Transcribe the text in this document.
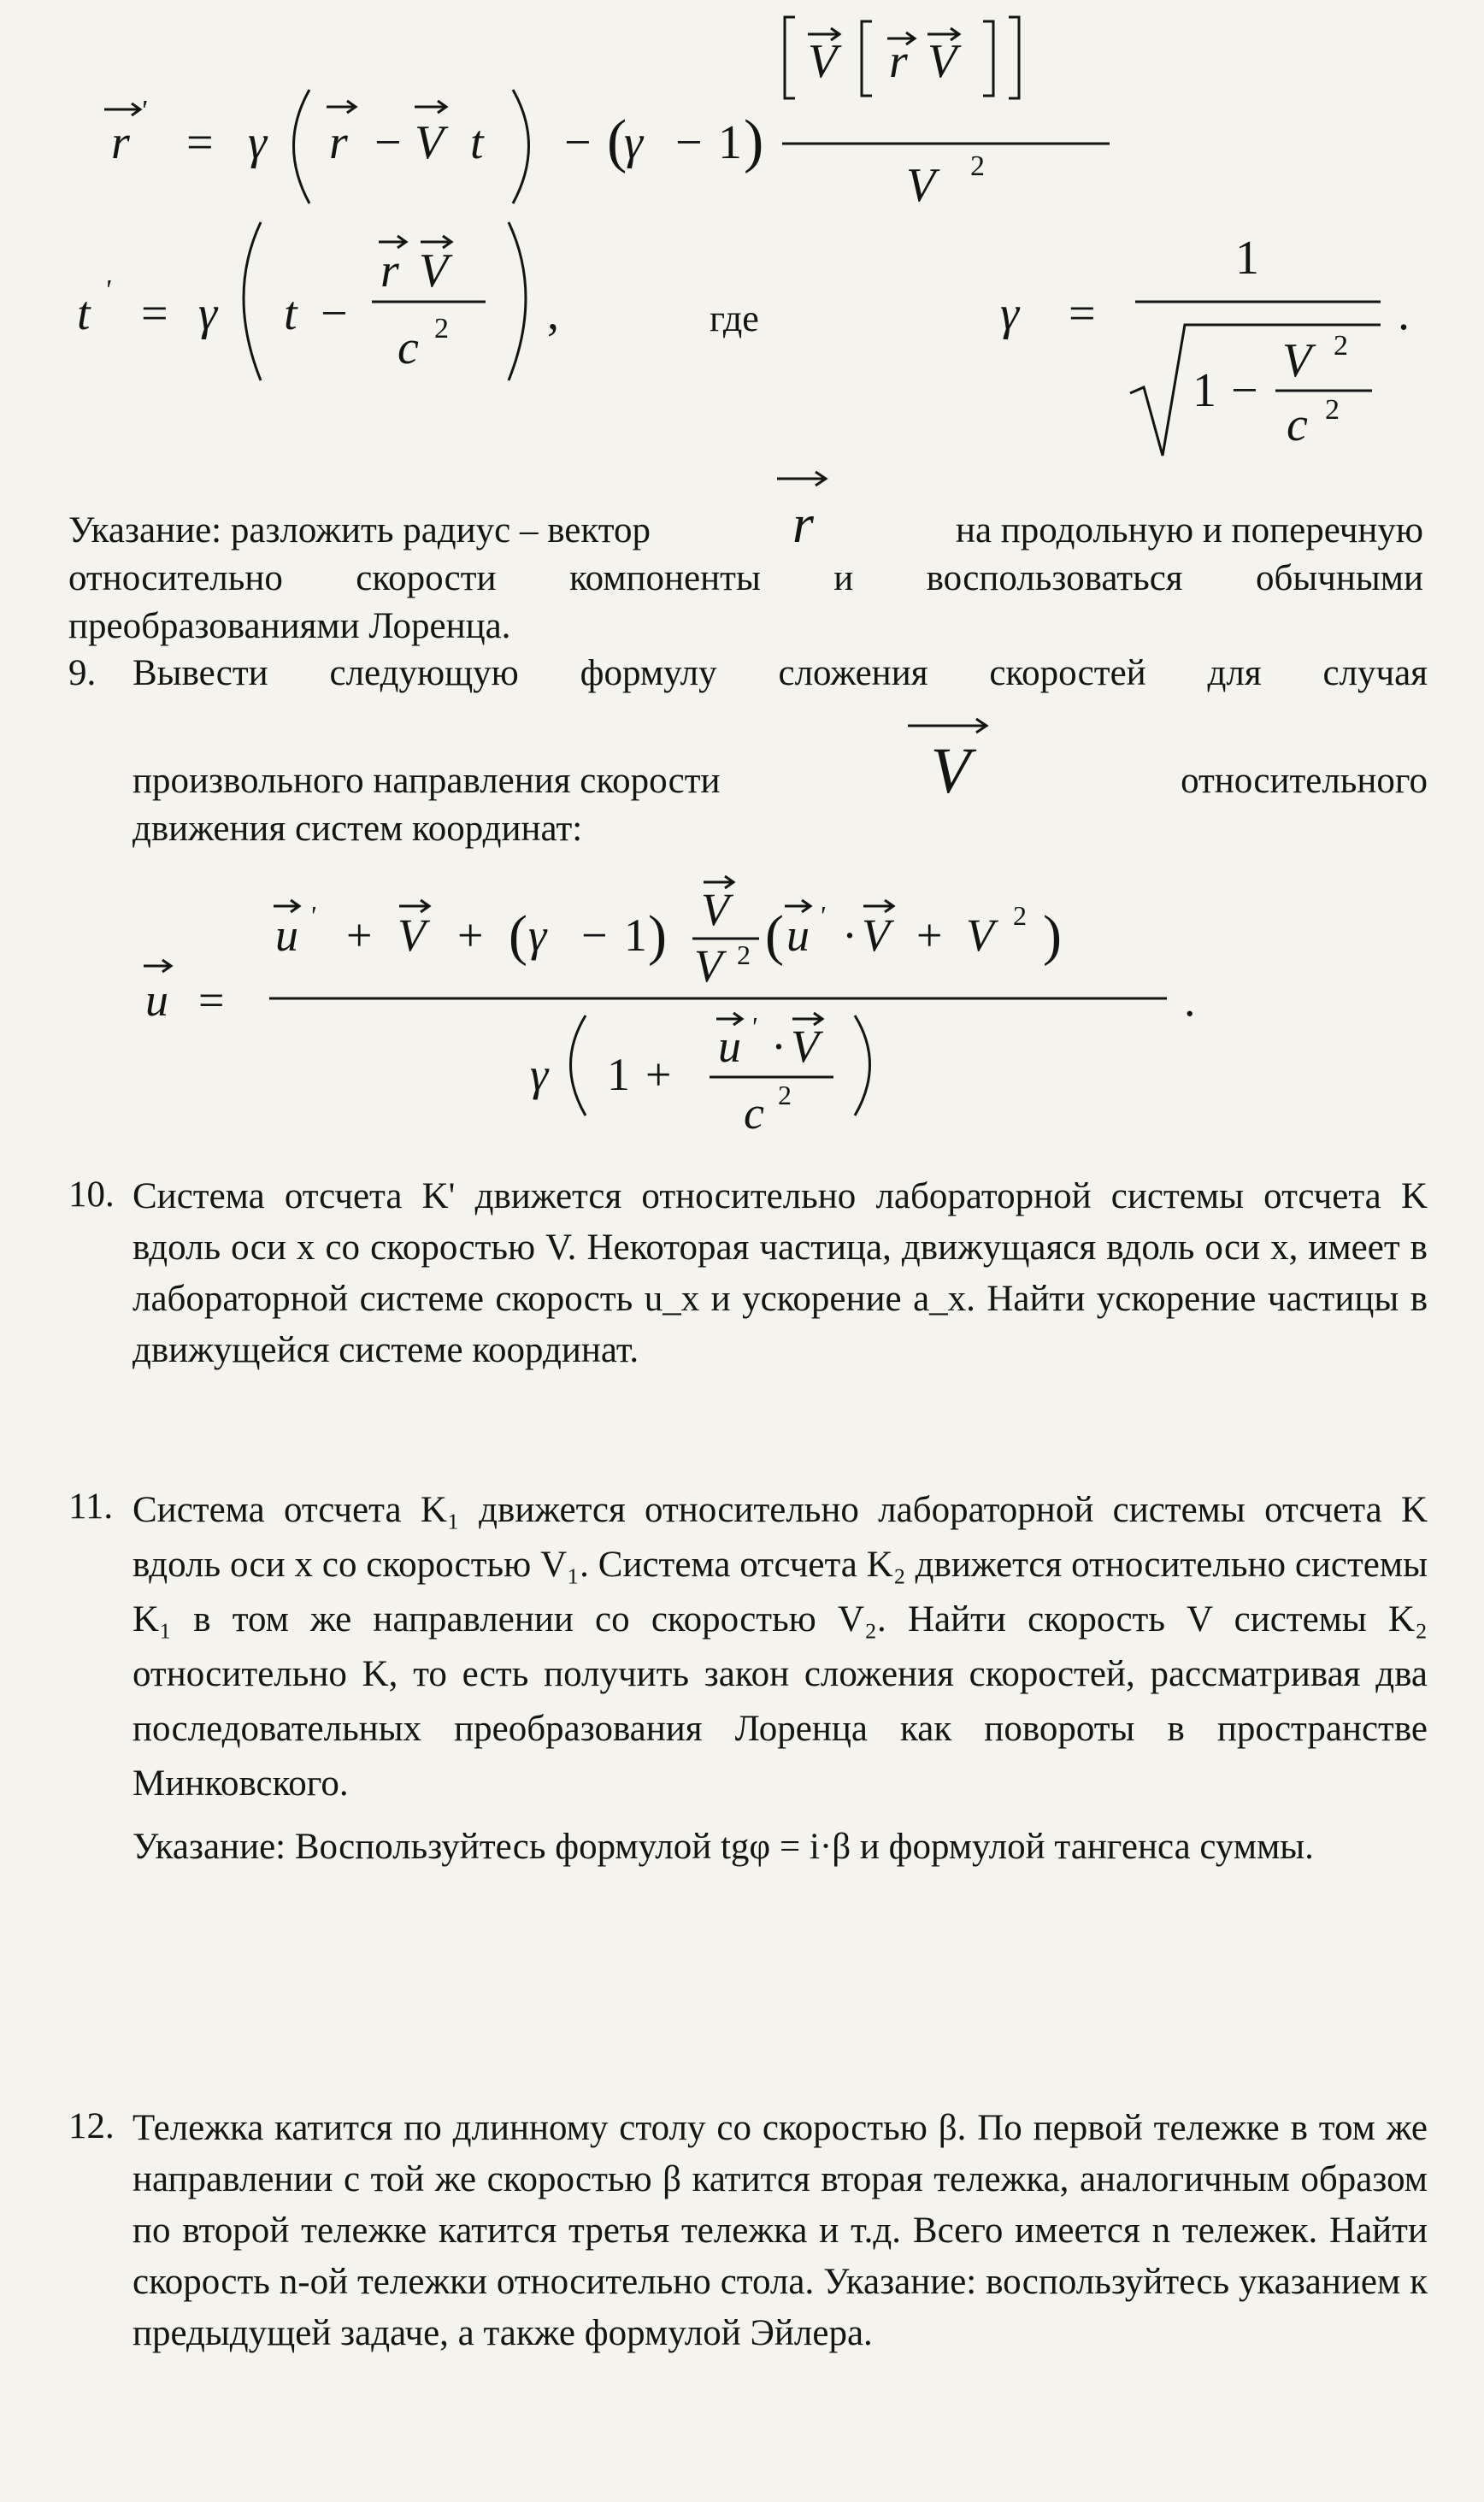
r
'
= γ r − V t − (
γ − 1 )
V r V
V 2
t ' = γ t −
r V
c 2 ,	где	γ =
1
1 −
V 2
c 2
.
Указание: разложить радиус – вектор	r	на продольную и поперечную
относительно скорости компоненты и воспользоваться обычными
преобразованиями Лоренца.
9. Вывести следующую формулу сложения скоростей для случая
произвольного направления скорости	V	относительного
движения систем координат:
u =
u ' + V + ( γ − 1 ) V
V 2 ( u ' · V + V 2 )
γ 1 +
u ' · V
c 2
.
10. Система отсчета K' движется относительно лабораторной системы отсчета K вдоль оси x со скоростью V. Некоторая частица, движущаяся вдоль оси x, имеет в лабораторной системе скорость u_x и ускорение a_x. Найти ускорение частицы в движущейся системе координат.
11. Система отсчета K₁ движется относительно лабораторной системы отсчета K вдоль оси x со скоростью V₁. Система отсчета K₂ движется относительно системы K₁ в том же направлении со скоростью V₂. Найти скорость V системы K₂ относительно K, то есть получить закон сложения скоростей, рассматривая два последовательных преобразования Лоренца как повороты в пространстве Минковского.
Указание: Воспользуйтесь формулой tgφ = i·β и формулой тангенса суммы.
12. Тележка катится по длинному столу со скоростью β. По первой тележке в том же направлении с той же скоростью β катится вторая тележка, аналогичным образом по второй тележке катится третья тележка и т.д. Всего имеется n тележек. Найти скорость n-ой тележки относительно стола. Указание: воспользуйтесь указанием к предыдущей задаче, а также формулой Эйлера.
